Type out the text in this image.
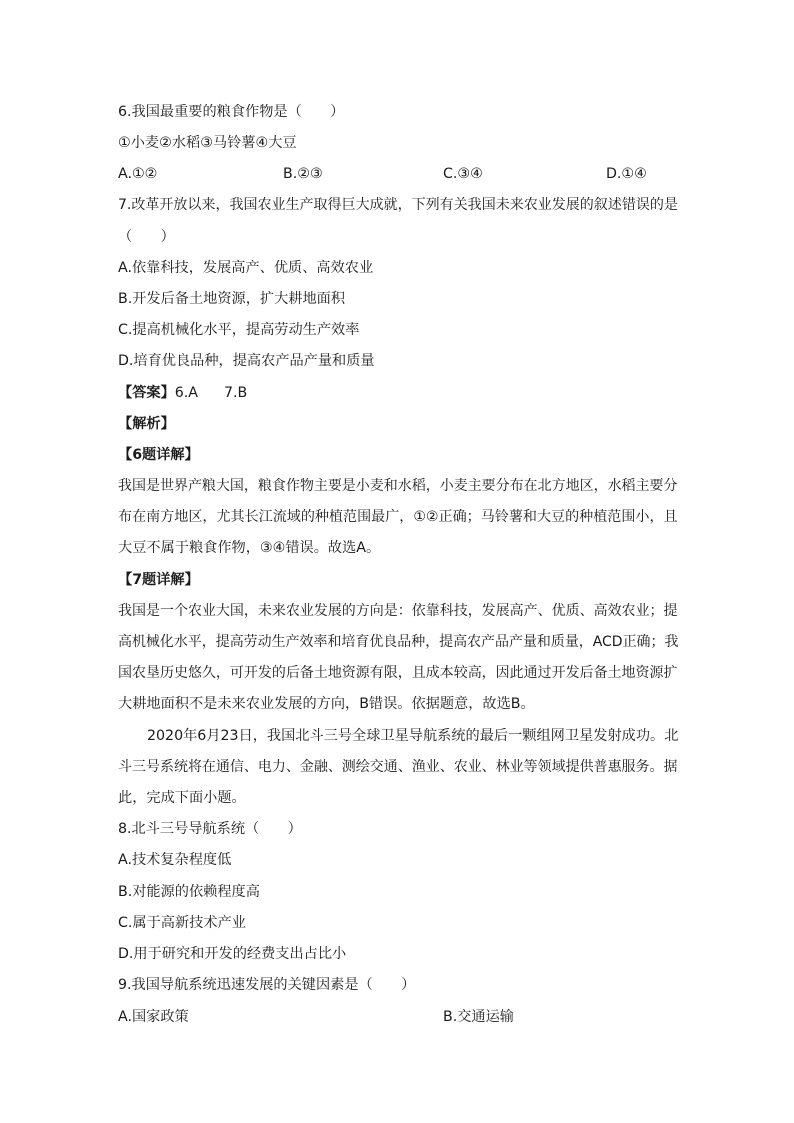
6.我国最重要的粮食作物是（　　）
①小麦②水稻③马铃薯④大豆
A.①②	B.②③	C.③④	D.①④
7.改革开放以来，我国农业生产取得巨大成就，下列有关我国未来农业发展的叙述错误的是
（　　）
A.依靠科技，发展高产、优质、高效农业
B.开发后备土地资源，扩大耕地面积
C.提高机械化水平，提高劳动生产效率
D.培育优良品种，提高农产品产量和质量
【答案】6.A 7.B
【解析】
【6题详解】
我国是世界产粮大国，粮食作物主要是小麦和水稻，小麦主要分布在北方地区，水稻主要分
布在南方地区，尤其长江流域的种植范围最广，①②正确；马铃薯和大豆的种植范围小，且
大豆不属于粮食作物，③④错误。故选A。
【7题详解】
我国是一个农业大国，未来农业发展的方向是：依靠科技，发展高产、优质、高效农业；提
高机械化水平，提高劳动生产效率和培育优良品种，提高农产品产量和质量，ACD正确；我
国农垦历史悠久，可开发的后备土地资源有限，且成本较高，因此通过开发后备土地资源扩
大耕地面积不是未来农业发展的方向，B错误。依据题意，故选B。
2020年6月23日，我国北斗三号全球卫星导航系统的最后一颗组网卫星发射成功。北
斗三号系统将在通信、电力、金融、测绘交通、渔业、农业、林业等领域提供普惠服务。据
此，完成下面小题。
8.北斗三号导航系统（　　）
A.技术复杂程度低
B.对能源的依赖程度高
C.属于高新技术产业
D.用于研究和开发的经费支出占比小
9.我国导航系统迅速发展的关键因素是（　　）
A.国家政策	B.交通运输
